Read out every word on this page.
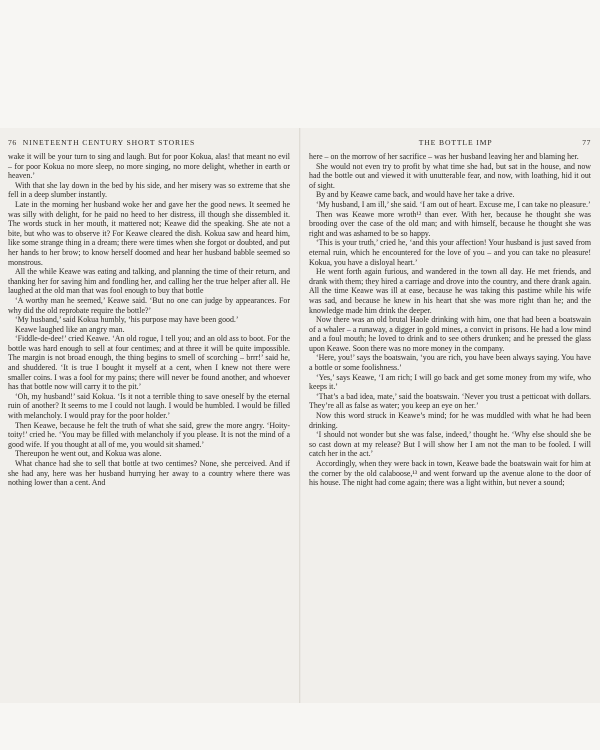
76 NINETEENTH CENTURY SHORT STORIES

wake it will be your turn to sing and laugh. But for poor Kokua, alas! that meant no evil – for poor Kokua no more sleep, no more singing, no more delight, whether in earth or heaven.’

With that she lay down in the bed by his side, and her misery was so extreme that she fell in a deep slumber instantly.

Late in the morning her husband woke her and gave her the good news. It seemed he was silly with delight, for he paid no heed to her distress, ill though she dissembled it. The words stuck in her mouth, it mattered not; Keawe did the speaking. She ate not a bite, but who was to observe it? For Keawe cleared the dish. Kokua saw and heard him, like some strange thing in a dream; there were times when she forgot or doubted, and put her hands to her brow; to know herself doomed and hear her husband babble seemed so monstrous.

All the while Keawe was eating and talking, and planning the time of their return, and thanking her for saving him and fondling her, and calling her the true helper after all. He laughed at the old man that was fool enough to buy that bottle

‘A worthy man he seemed,’ Keawe said. ‘But no one can judge by appearances. For why did the old reprobate require the bottle?’

‘My husband,’ said Kokua humbly, ‘his purpose may have been good.’

Keawe laughed like an angry man.

‘Fiddle-de-dee!’ cried Keawe. ‘An old rogue, I tell you; and an old ass to boot. For the bottle was hard enough to sell at four centimes; and at three it will be quite impossible. The margin is not broad enough, the thing begins to smell of scorching – brrr!’ said he, and shuddered. ‘It is true I bought it myself at a cent, when I knew not there were smaller coins. I was a fool for my pains; there will never be found another, and whoever has that bottle now will carry it to the pit.’

‘Oh, my husband!’ said Kokua. ‘Is it not a terrible thing to save oneself by the eternal ruin of another? It seems to me I could not laugh. I would be humbled. I would be filled with melancholy. I would pray for the poor holder.’

Then Keawe, because he felt the truth of what she said, grew the more angry. ‘Hoity-toity!’ cried he. ‘You may be filled with melancholy if you please. It is not the mind of a good wife. If you thought at all of me, you would sit shamed.’

Thereupon he went out, and Kokua was alone.

What chance had she to sell that bottle at two centimes? None, she perceived. And if she had any, here was her husband hurrying her away to a country where there was nothing lower than a cent. And

THE BOTTLE IMP	77

here – on the morrow of her sacrifice – was her husband leaving her and blaming her.

She would not even try to profit by what time she had, but sat in the house, and now had the bottle out and viewed it with unutterable fear, and now, with loathing, hid it out of sight.

By and by Keawe came back, and would have her take a drive.

‘My husband, I am ill,’ she said. ‘I am out of heart. Excuse me, I can take no pleasure.’

Then was Keawe more wroth¹² than ever. With her, because he thought she was brooding over the case of the old man; and with himself, because he thought she was right and was ashamed to be so happy.

‘This is your truth,’ cried he, ‘and this your affection! Your husband is just saved from eternal ruin, which he encountered for the love of you – and you can take no pleasure! Kokua, you have a disloyal heart.’

He went forth again furious, and wandered in the town all day. He met friends, and drank with them; they hired a carriage and drove into the country, and there drank again. All the time Keawe was ill at ease, because he was taking this pastime while his wife was sad, and because he knew in his heart that she was more right than he; and the knowledge made him drink the deeper.

Now there was an old brutal Haole drinking with him, one that had been a boatswain of a whaler – a runaway, a digger in gold mines, a convict in prisons. He had a low mind and a foul mouth; he loved to drink and to see others drunken; and he pressed the glass upon Keawe. Soon there was no more money in the company.

‘Here, you!’ says the boatswain, ‘you are rich, you have been always saying. You have a bottle or some foolishness.’

‘Yes,’ says Keawe, ‘I am rich; I will go back and get some money from my wife, who keeps it.’

‘That’s a bad idea, mate,’ said the boatswain. ‘Never you trust a petticoat with dollars. They’re all as false as water; you keep an eye on her.’

Now this word struck in Keawe’s mind; for he was muddled with what he had been drinking.

‘I should not wonder but she was false, indeed,’ thought he. ‘Why else should she be so cast down at my release? But I will show her I am not the man to be fooled. I will catch her in the act.’

Accordingly, when they were back in town, Keawe bade the boatswain wait for him at the corner by the old calaboose,¹³ and went forward up the avenue alone to the door of his house. The night had come again; there was a light within, but never a sound;
